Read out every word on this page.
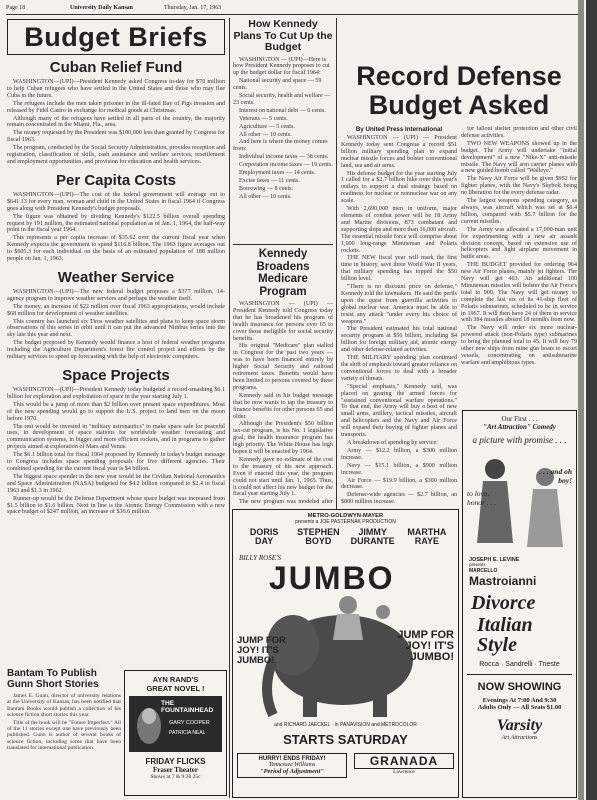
Page 18	University Daily Kansan	Thursday, Jan. 17, 1963
Budget Briefs
Cuban Relief Fund

WASHINGTON—(UPI)—President Kennedy asked Congress to-day for $70 million to help Cuban refugees who have settled in the United States and those who may flee Cuba in the future.

The refugees include the men taken prisoner in the ill-fated Bay of Pigs invasion and released by Fidel Castro in exchange for medical goods at Christmas.

Although many of the refugees have settled in all parts of the country, the majority remain concentrated in the Miami, Fla., area.

The money requested by the President was $100,000 less than granted by Congress for fiscal 1963.

The program, conducted by the Social Security Administration, provides reception and registration, classification of skills, cash assistance and welfare services, resettlement and employment opportunities, and provision for education and health services.

Per Capita Costs

WASHINGTON—(UPI)—The cost of the federal government will average out to $641.13 for every man, woman and child in the United States in fiscal 1964 if Congress goes along with President Kennedy's budget proposals.

The figure was obtained by dividing Kennedy's $122.5 billion overall spending request by 191 million, the estimated national population as of Jan. 1, 1964, the half-way point in the fiscal year 1964.

This represents a per capita increase of $35.62 over the current fiscal year when Kennedy expects the government to spend $116.8 billion. The 1963 figure averages out to $605.3 for each individual on the basis of an estimated population of 188 million people on Jan. 1, 1963.

Weather Service

WASHINGTON—(UPI)—The new federal budget proposes a $377 million, 14-agency program to improve weather services and perhaps the weather itself.

The money, an increase of $22 million over fiscal 1963 appropriations, would include $68 million for development of weather satellites.

This country has launched six Tiros weather satellites and plans to keep space storm observations of this series in orbit until it can put the advanced Nimbus series into the sky late this year and next.

The budget proposed by Kennedy would finance a host of federal weather programs including the Agriculture Department's forest fire control project and efforts by the military services to speed up forecasting with the help of electronic computers.

Space Projects

WASHINGTON—(UPI)—President Kennedy today budgeted a record-smashing $6.1 billion for exploration and exploitation of space in the year starting July 1.

This would be a jump of more than $2 billion over present space expenditures. Most of the new spending would go to support the U.S. project to land men on the moon before 1970.

The rest would be invested in "military astronautics" to make space safe for peaceful uses, in development of space stations for worldwide weather forecasting and communication systems, in bigger and more efficient rockets, and in programs to gather projects aimed at exploration of Mars and Venus.

The $6.1 billion total for fiscal 1964 proposed by Kennedy in today's budget message to Congress includes space spending proposals for five different agencies. Their combined spending for the current fiscal year is $4 billion.

The biggest space spender in the new year would be the Civilian National Aeronautics and Space Administration (NASA) budgeted for $4.2 billion compared to $2.4 in fiscal 1963 and $1.3 in 1962.

Runner-up would be the Defense Department whose space budget was increased from $1.5 billion to $1.6 billion. Next in line is the Atomic Energy Commission with a new space budget of $247 million, an increase of $36.6 million.

Bantam To Publish Gunn Short Stories

James E. Gunn, director of university relations at the University of Kansas, has been notified that Bantam Books would publish a collection of his science fiction short stories this year.

Title of the book will be "Future Imperfect." All of the 11 stories except one have previously been published. Gunn is author of several books of science fiction, including some that have been translated for international publication.

AYN RAND'S
GREAT NOVEL !
THE FOUNTAINHEAD
GARY COOPER
PATRICIA NEAL
FRIDAY FLICKS
Fraser Theater
Shows at 7 & 9:30 25c
How Kennedy Plans To Cut Up the Budget

WASHINGTON — (UPI)—Here is how President Kennedy proposes to cut up the budget dollar for fiscal 1964:

National security and space — 59 cents.

Social security, health and welfare — 23 cents.

Interest on national debt — 6 cents.

Veterans — 5 cents.

Agriculture — 5 cents.

All other — 10 cents.

And here is where the money comes from:

Individual income taxes — 38 cents.

Corporation income taxes — 19 cents.

Employment taxes — 14 cents.

Excise taxes — 11 cents.

Borrowing — 8 cents.

All other — 10 cents.

Kennedy Broadens Medicare Program

WASHINGTON — (UPI) — President Kennedy told Congress today that he has broadened his program of health insurance for persons over 65 to cover those ineligible for social security benefits.

His original "Medicare" plan stalled in Congress for the past two years — was to have been financed entirely by higher Social Security and railroad retirement taxes. Benefits would have been limited to persons covered by these programs.

Kennedy said in his budget message that he now wants to tap the treasury to finance benefits for other persons 65 and older.

Although the President's $50 billion tax-cut program, is his No. 1 legislative goal, the health insurance program has high priority. The White House has high hopes it will be enacted by 1964.

Kennedy gave no estimate of the cost to the treasury of his new approach. Even if enacted this year, the program could not start until Jan. 1, 1965. Thus, it could not affect his new budget for the fiscal year starting July 1.

The new program was modeled after

Record Defense Budget Asked
By United Press International

WASHINGTON — (UPI) — President Kennedy today sent Congress a record $51 billion military spending plan to expand nuclear missile forces and bolster conventional land, sea and air arms.

His defense budget for the year starting July 1 called for a $2.7 billion hike over this year's outlays to support a dual strategy based on readiness for nuclear or nonnuclear war on any scale.

With 2,690,000 men in uniform, major elements of combat power will be 18 Army and Marine divisions, 873 combatant and supporting ships and more than 16,000 aircraft. The essential missile force will comprise about 1,000 long-range Minuteman and Polaris rockets.

THE NEW fiscal year will mark the first time in history, save three World War II years, that military spending has topped the $50 billion level.

"There is no discount price on defense," Kennedy told the lawmakers. He said the perils upon the quest from guerrilla activities to global nuclear war. America must be able to resist any attack "under every his choice of weapons."

The President estimated his total national security program at $56 billion, including $4 billion for foreign military aid, atomic energy and other defense-related activities.

THE MILITARY spending plan continued the shift of emphasis toward greater reliance on conventional forces to deal with a broader variety of threats.

"Special emphasis," Kennedy said, was placed on gearing the armed forces for "sustained conventional warfare operations." To that end, the Army will buy a host of new small arms, artillery, tactical missiles, aircraft and helicopters and the Navy and Air Force will expand their buying of fighter planes and transports.

A breakdown of spending by service:

Army — $12.2 billion, a $300 million increase.

Navy — $15.1 billion, a $900 million increase.

Air Force — $19.9 billion, a $300 million decrease.

Defense-wide agencies — $2.7 billion, an $800 million increase.

for fallout shelter protection and other civil defense activities.

TWO NEW WEAPONS showed up in the budget. The Army will undertake "initial development" of a new "Nike-X" anti-missile missile. The Navy will arm carrier planes with a new guided bomb called "Walleye."

The Navy Air Force will be given $952 for fighter planes, with the Navy's Skybolt being no liberation for the every defense radar.

The largest weapons spending category, as always, was aircraft which was set at $6.4 billion, compared with $5.7 billion for the current missiles.

The Army was allocated a 17,000-man unit for experimenting with a new air assault division concept, based on extensive use of helicopters and light airplane movement in battle areas.

THE BUDGET provided for ordering 964 new Air Force planes, mainly jet fighters. The Navy will get 463. An additional 100 Minuteman missiles will bolster the Air Force's total to 900. The Navy will get money to complete the last six of its 41-ship fleet of Polaris submarines, scheduled to be in service in 1967. It will then have 24 of them in service with 384 missiles aboard 18 months from now.

The Navy will order six more nuclear-powered attack (non-Polaris type) submarines to bring the planned total to 45. It will buy 79 other new ships from mine gun boats to escort vessels, concentrating on antisubmarine warfare and amphibious types.

Our First . . .
"Art Attraction" Comedy
a picture with promise . . .
to love, honor . . .
. . . and oh boy!
JOSEPH E. LEVINE
presents
MARCELLO
Mastroianni
Divorce
Italian Style
Rocca · Sandrelli · Trieste
NOW SHOWING
Evenings At 7:00 And 9:30
Adults Only — All Seats $1.00
Varsity
Art Attractions
METRO-GOLDWYN-MAYER
presents a JOE PASTERNAK PRODUCTION
DORIS DAY
STEPHEN BOYD
JIMMY DURANTE
MARTHA RAYE
BILLY ROSE'S
JUMBO
JUMP FOR JOY! IT'S JUMBO!
JUMP FOR JOY! IT'S JUMBO!
and RICHARD JAECKEL · In PANAVISION and METROCOLOR
STARTS SATURDAY
HURRY! ENDS FRIDAY!
Tennessee Williams
"Period of Adjustment"
GRANADA
Lawrence
